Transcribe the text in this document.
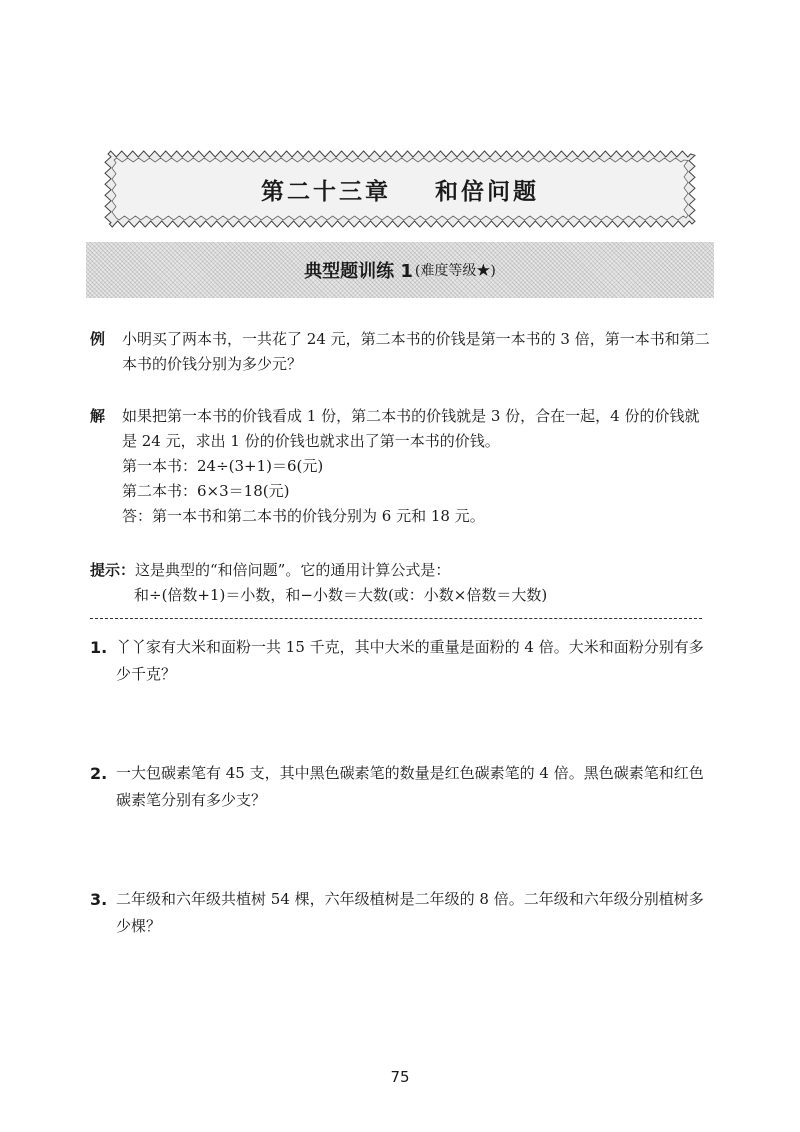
第二十三章 和倍问题
典型题训练 1 (难度等级★)
例 小明买了两本书，一共花了 24 元，第二本书的价钱是第一本书的 3 倍，第一本书和第二本书的价钱分别为多少元？
解 如果把第一本书的价钱看成 1 份，第二本书的价钱就是 3 份，合在一起，4 份的价钱就是 24 元，求出 1 份的价钱也就求出了第一本书的价钱。
第一本书：24÷(3+1)＝6(元)
第二本书：6×3＝18(元)
答：第一本书和第二本书的价钱分别为 6 元和 18 元。
提示：这是典型的“和倍问题”。它的通用计算公式是：
和÷(倍数+1)＝小数，和−小数＝大数(或：小数×倍数＝大数)
1. 丫丫家有大米和面粉一共 15 千克，其中大米的重量是面粉的 4 倍。大米和面粉分别有多少千克？
2. 一大包碳素笔有 45 支，其中黑色碳素笔的数量是红色碳素笔的 4 倍。黑色碳素笔和红色碳素笔分别有多少支？
3. 二年级和六年级共植树 54 棵，六年级植树是二年级的 8 倍。二年级和六年级分别植树多少棵？
75
